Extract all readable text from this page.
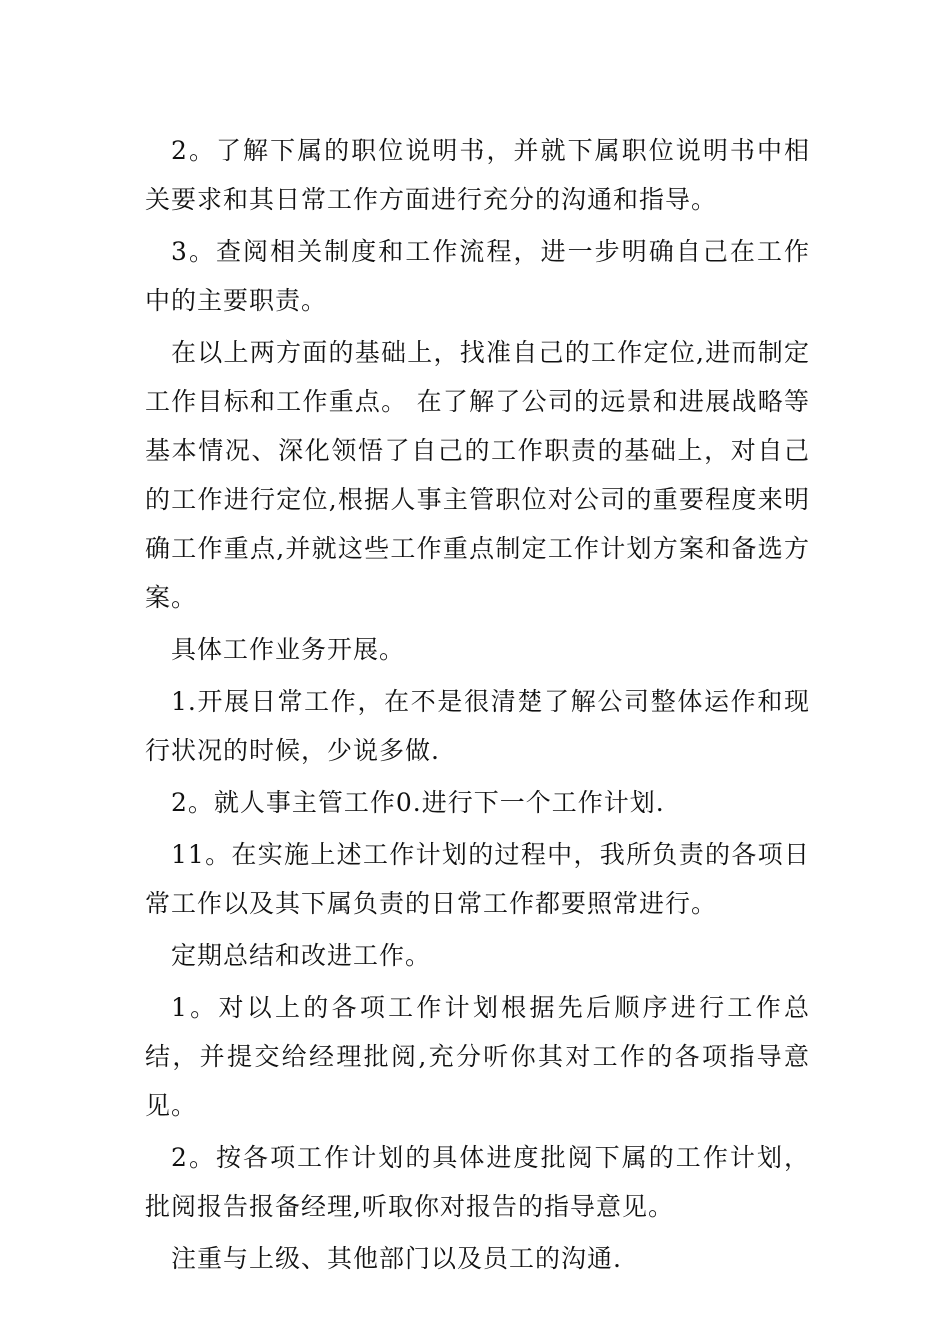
2。了解下属的职位说明书，并就下属职位说明书中相关要求和其日常工作方面进行充分的沟通和指导。

3。查阅相关制度和工作流程，进一步明确自己在工作中的主要职责。

在以上两方面的基础上，找准自己的工作定位,进而制定工作目标和工作重点。 在了解了公司的远景和进展战略等基本情况、深化领悟了自己的工作职责的基础上，对自己的工作进行定位,根据人事主管职位对公司的重要程度来明确工作重点,并就这些工作重点制定工作计划方案和备选方案。

具体工作业务开展。

1.开展日常工作，在不是很清楚了解公司整体运作和现行状况的时候，少说多做.

2。就人事主管工作0.进行下一个工作计划.

11。在实施上述工作计划的过程中，我所负责的各项日常工作以及其下属负责的日常工作都要照常进行。

定期总结和改进工作。

1。对以上的各项工作计划根据先后顺序进行工作总结，并提交给经理批阅,充分听你其对工作的各项指导意见。

2。按各项工作计划的具体进度批阅下属的工作计划，批阅报告报备经理,听取你对报告的指导意见。

注重与上级、其他部门以及员工的沟通.
